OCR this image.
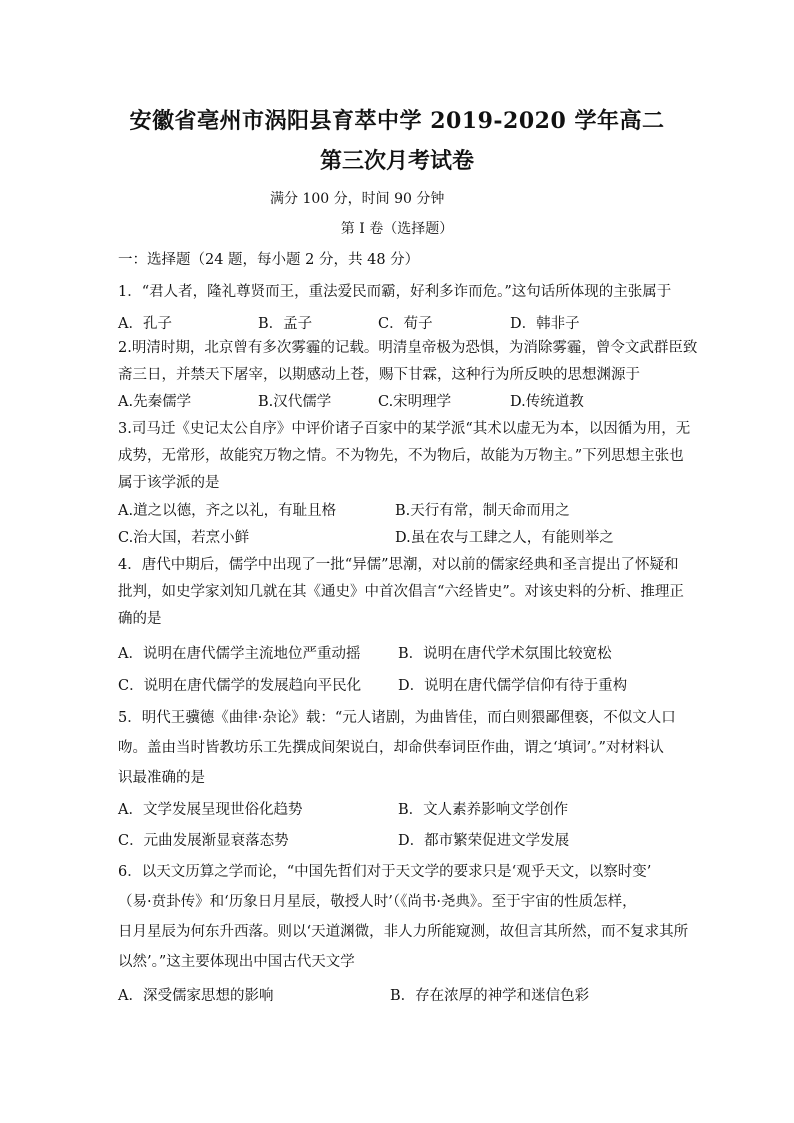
安徽省亳州市涡阳县育萃中学 2019-2020 学年高二
第三次月考试卷
满分 100 分，时间 90 分钟
第 I 卷（选择题）
一：选择题（24 题，每小题 2 分，共 48 分）
1．“君人者，隆礼尊贤而王，重法爱民而霸，好利多诈而危。”这句话所体现的主张属于
A．孔子	B．孟子	C．荀子	D．韩非子
2.明清时期，北京曾有多次雾霾的记载。明清皇帝极为恐惧，为消除雾霾，曾令文武群臣致
斋三日，并禁天下屠宰，以期感动上苍，赐下甘霖，这种行为所反映的思想渊源于
A.先秦儒学	B.汉代儒学	C.宋明理学	D.传统道教
3.司马迁《史记太公自序》中评价诸子百家中的某学派“其术以虚无为本，以因循为用，无
成势，无常形，故能究万物之情。不为物先，不为物后，故能为万物主。”下列思想主张也
属于该学派的是
A.道之以德，齐之以礼，有耻且格	B.天行有常，制天命而用之
C.治大国，若烹小鲜	D.虽在农与工肆之人，有能则举之
4．唐代中期后，儒学中出现了一批“异儒”思潮，对以前的儒家经典和圣言提出了怀疑和
批判，如史学家刘知几就在其《通史》中首次倡言“六经皆史”。对该史料的分析、推理正
确的是
A．说明在唐代儒学主流地位严重动摇	B．说明在唐代学术氛围比较宽松
C．说明在唐代儒学的发展趋向平民化	D．说明在唐代儒学信仰有待于重构
5．明代王骥德《曲律·杂论》载：“元人诸剧，为曲皆佳，而白则猥鄙俚亵，不似文人口
吻。盖由当时皆教坊乐工先撰成间架说白，却命供奉词臣作曲，谓之‘填词’。”对材料认
识最准确的是
A．文学发展呈现世俗化趋势	B．文人素养影响文学创作
C．元曲发展渐显衰落态势	D．都市繁荣促进文学发展
6．以天文历算之学而论，“中国先哲们对于天文学的要求只是‘观乎天文，以察时变’
（易·贲卦传》和‘历象日月星辰，敬授人时’（《尚书·尧典》。至于宇宙的性质怎样，
日月星辰为何东升西落。则以‘天道渊微，非人力所能窥测，故但言其所然，而不复求其所
以然’。”这主要体现出中国古代天文学
A．深受儒家思想的影响	B．存在浓厚的神学和迷信色彩
